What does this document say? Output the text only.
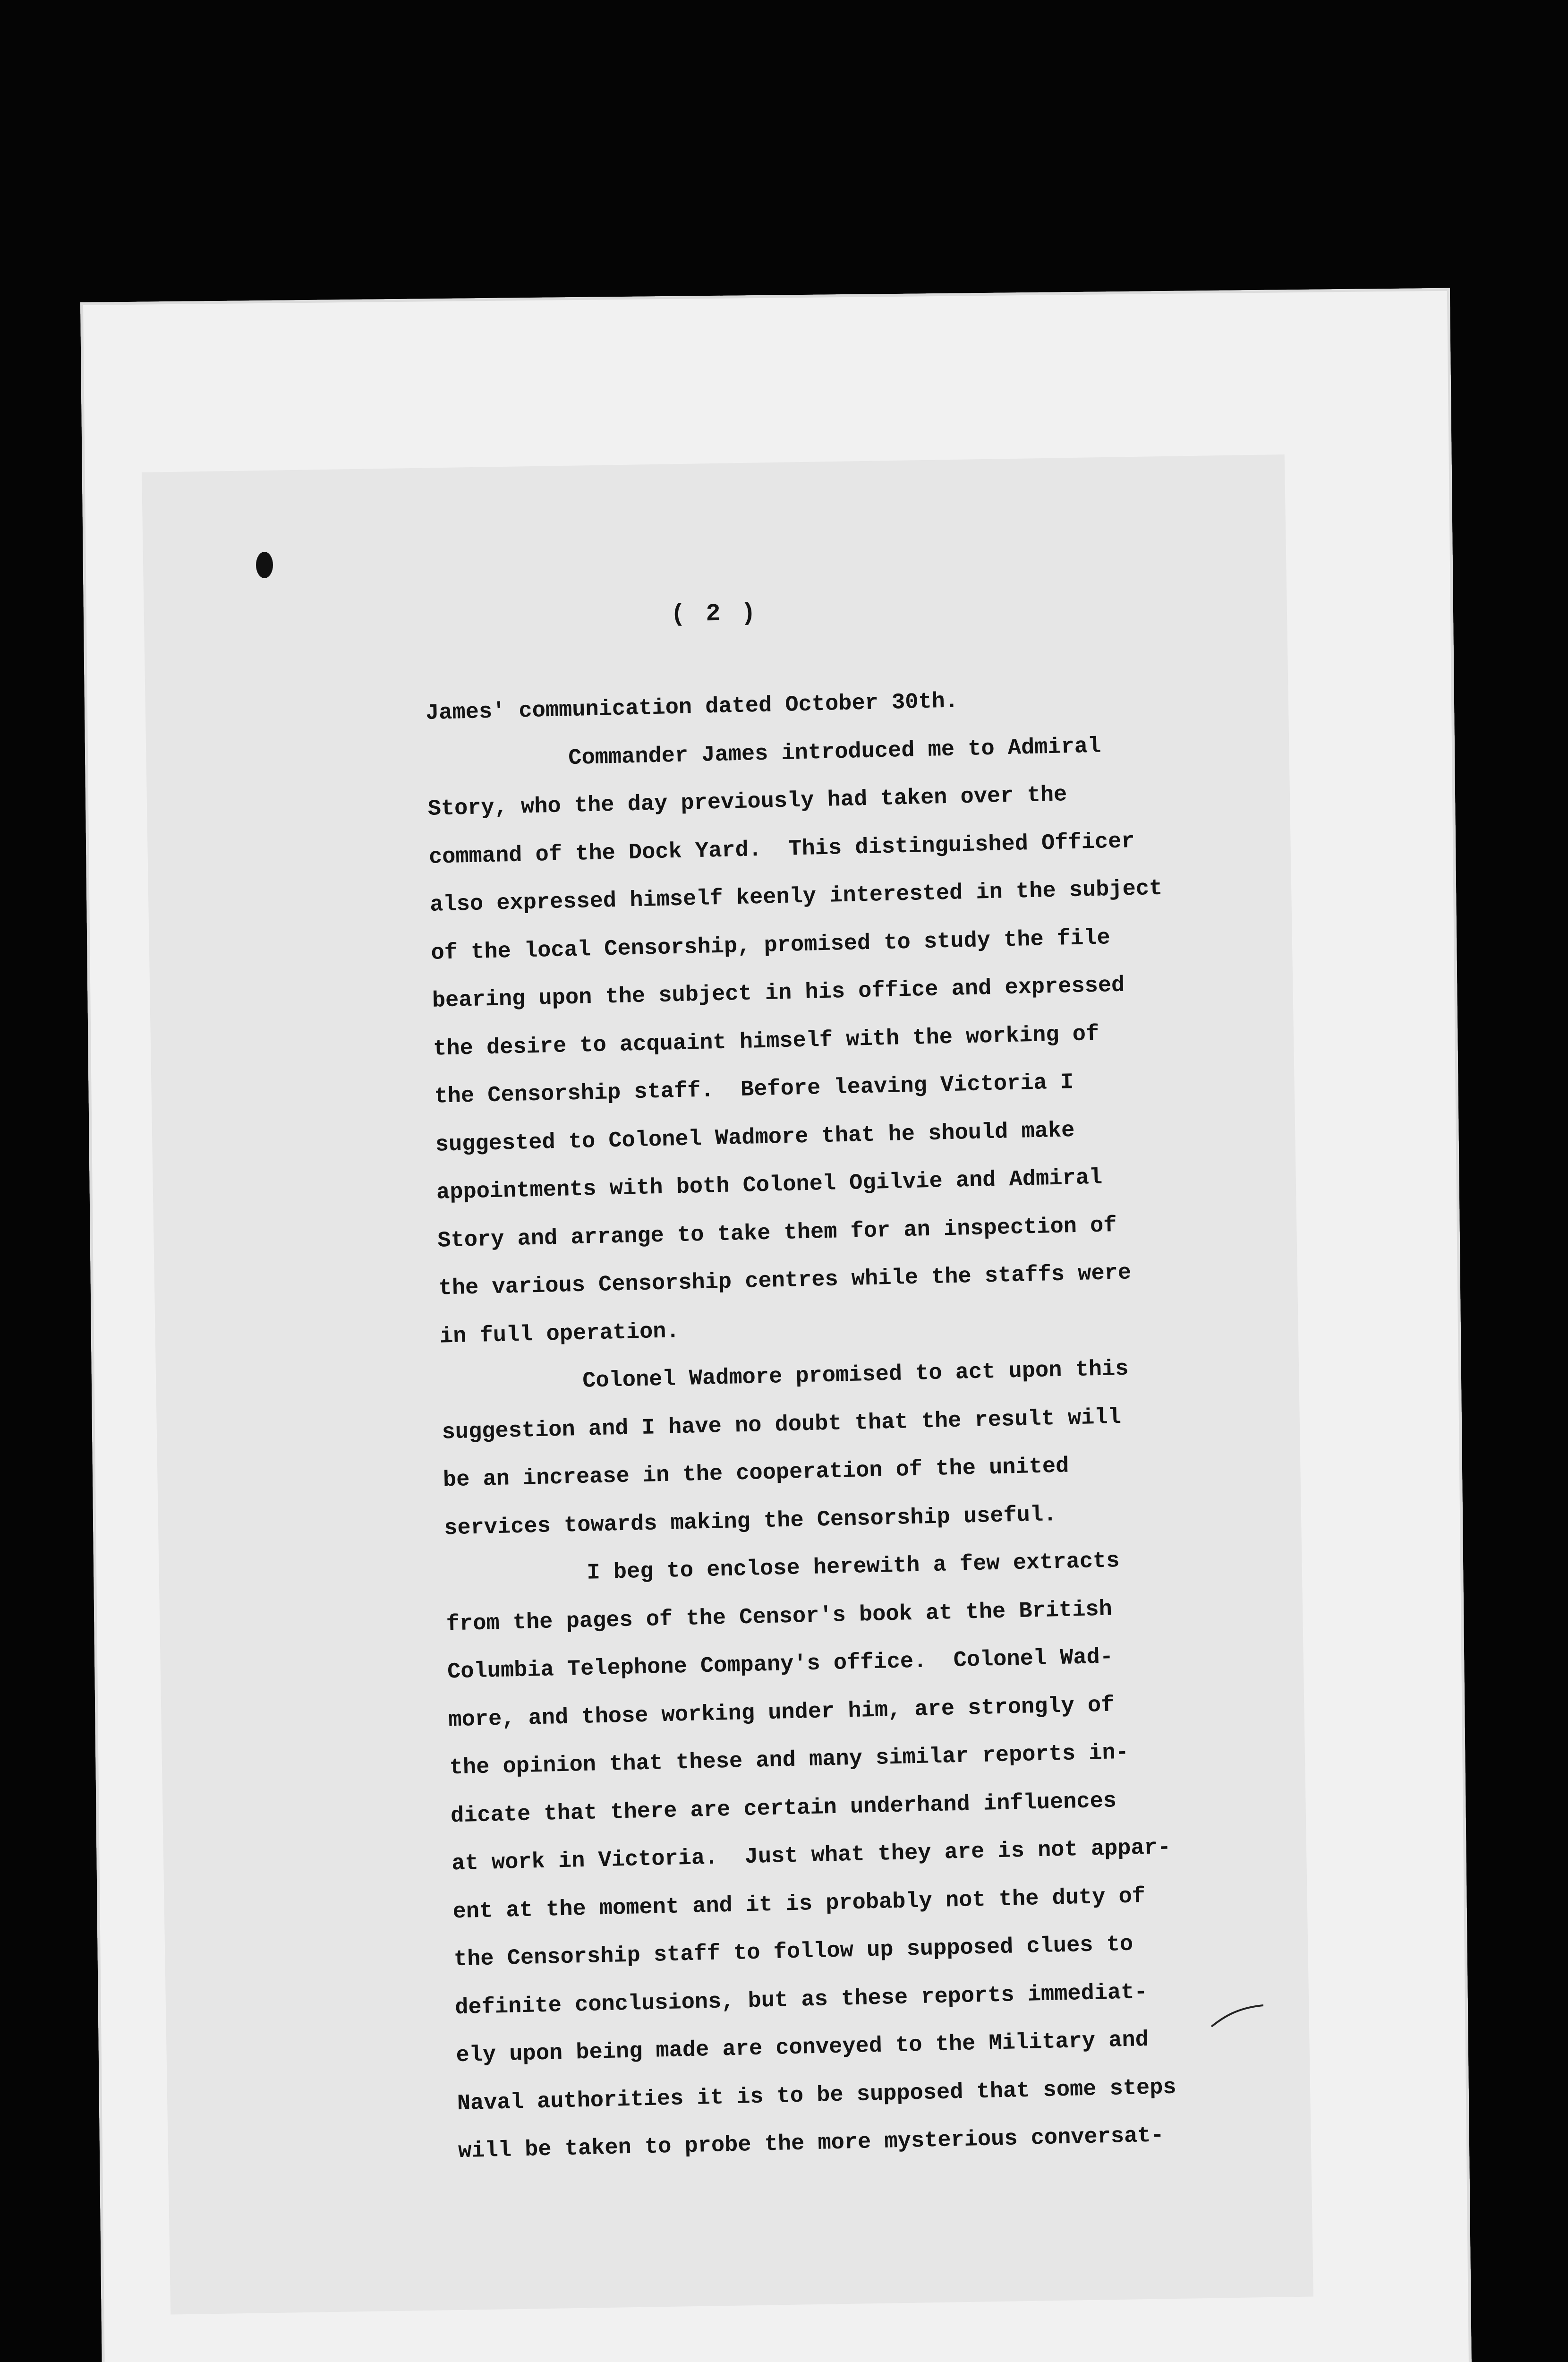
( 2 )
James' communication dated October 30th.
Commander James introduced me to Admiral
Story, who the day previously had taken over the
command of the Dock Yard.  This distinguished Officer
also expressed himself keenly interested in the subject
of the local Censorship, promised to study the file
bearing upon the subject in his office and expressed
the desire to acquaint himself with the working of
the Censorship staff.  Before leaving Victoria I
suggested to Colonel Wadmore that he should make
appointments with both Colonel Ogilvie and Admiral
Story and arrange to take them for an inspection of
the various Censorship centres while the staffs were
in full operation.
Colonel Wadmore promised to act upon this
suggestion and I have no doubt that the result will
be an increase in the cooperation of the united
services towards making the Censorship useful.
I beg to enclose herewith a few extracts
from the pages of the Censor's book at the British
Columbia Telephone Company's office.  Colonel Wad-
more, and those working under him, are strongly of
the opinion that these and many similar reports in-
dicate that there are certain underhand influences
at work in Victoria.  Just what they are is not appar-
ent at the moment and it is probably not the duty of
the Censorship staff to follow up supposed clues to
definite conclusions, but as these reports immediat-
ely upon being made are conveyed to the Military and
Naval authorities it is to be supposed that some steps
will be taken to probe the more mysterious conversat-
